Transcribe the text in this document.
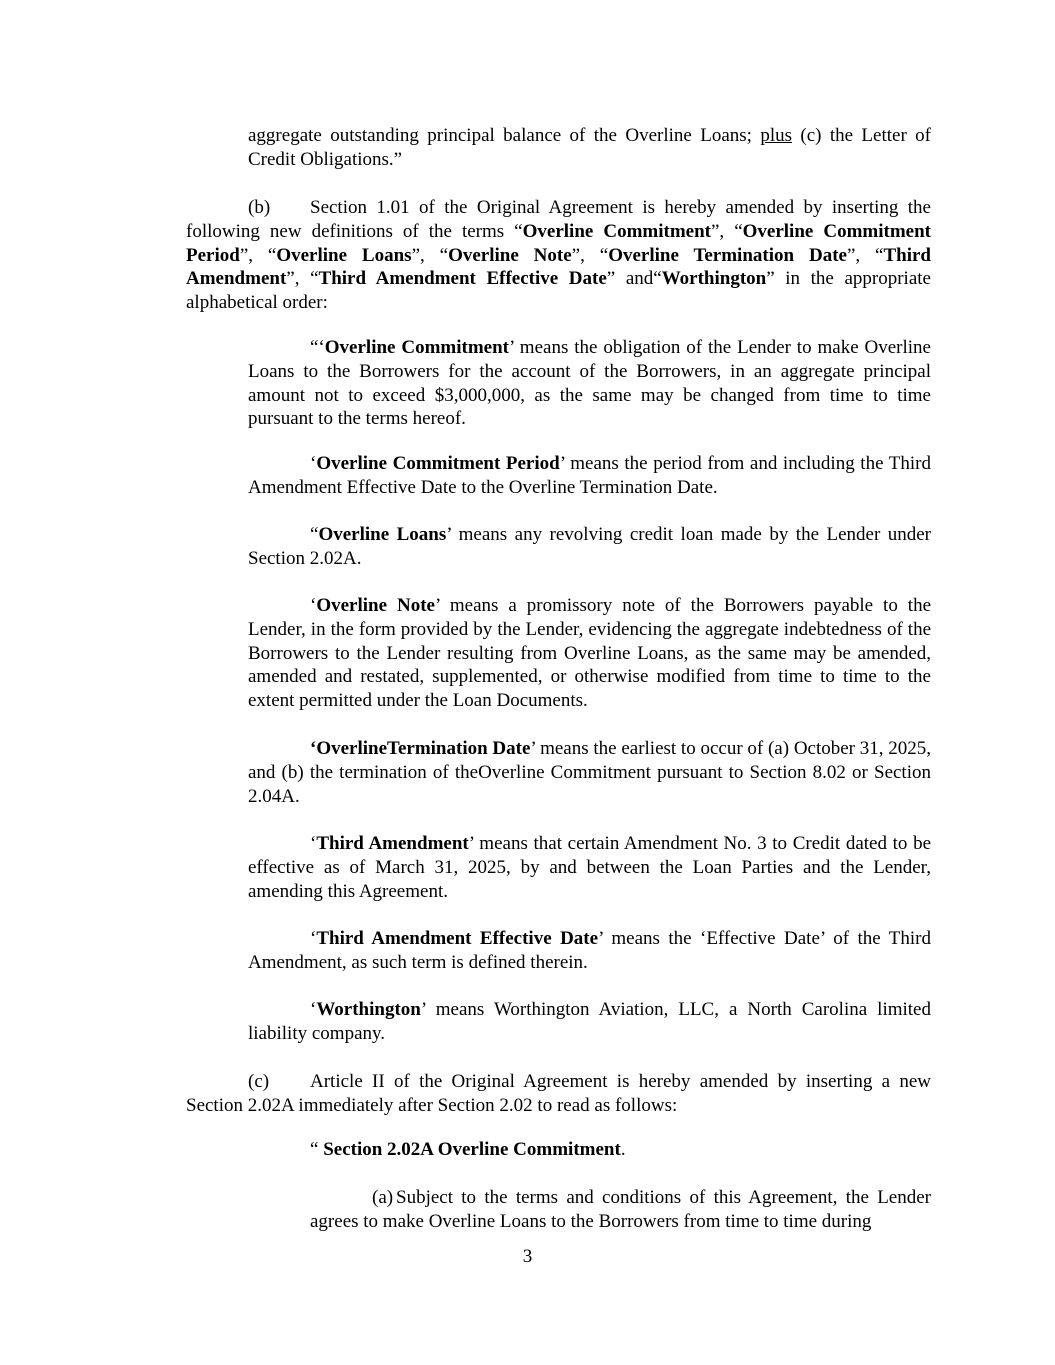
aggregate outstanding principal balance of the Overline Loans; plus (c) the Letter of Credit Obligations.”

(b) Section 1.01 of the Original Agreement is hereby amended by inserting the following new definitions of the terms “Overline Commitment”, “Overline Commitment Period”, “Overline Loans”, “Overline Note”, “Overline Termination Date”, “Third Amendment”, “Third Amendment Effective Date” and“Worthington” in the appropriate alphabetical order:

“‘Overline Commitment’ means the obligation of the Lender to make Overline Loans to the Borrowers for the account of the Borrowers, in an aggregate principal amount not to exceed $3,000,000, as the same may be changed from time to time pursuant to the terms hereof.

‘Overline Commitment Period’ means the period from and including the Third Amendment Effective Date to the Overline Termination Date.

“Overline Loans’ means any revolving credit loan made by the Lender under Section 2.02A.

‘Overline Note’ means a promissory note of the Borrowers payable to the Lender, in the form provided by the Lender, evidencing the aggregate indebtedness of the Borrowers to the Lender resulting from Overline Loans, as the same may be amended, amended and restated, supplemented, or otherwise modified from time to time to the extent permitted under the Loan Documents.

‘OverlineTermination Date’ means the earliest to occur of (a) October 31, 2025, and (b) the termination of theOverline Commitment pursuant to Section 8.02 or Section 2.04A.

‘Third Amendment’ means that certain Amendment No. 3 to Credit dated to be effective as of March 31, 2025, by and between the Loan Parties and the Lender, amending this Agreement.

‘Third Amendment Effective Date’ means the ‘Effective Date’ of the Third Amendment, as such term is defined therein.

‘Worthington’ means Worthington Aviation, LLC, a North Carolina limited liability company.

(c) Article II of the Original Agreement is hereby amended by inserting a new Section 2.02A immediately after Section 2.02 to read as follows:

“ Section 2.02A Overline Commitment.

(a) Subject to the terms and conditions of this Agreement, the Lender agrees to make Overline Loans to the Borrowers from time to time during

3
